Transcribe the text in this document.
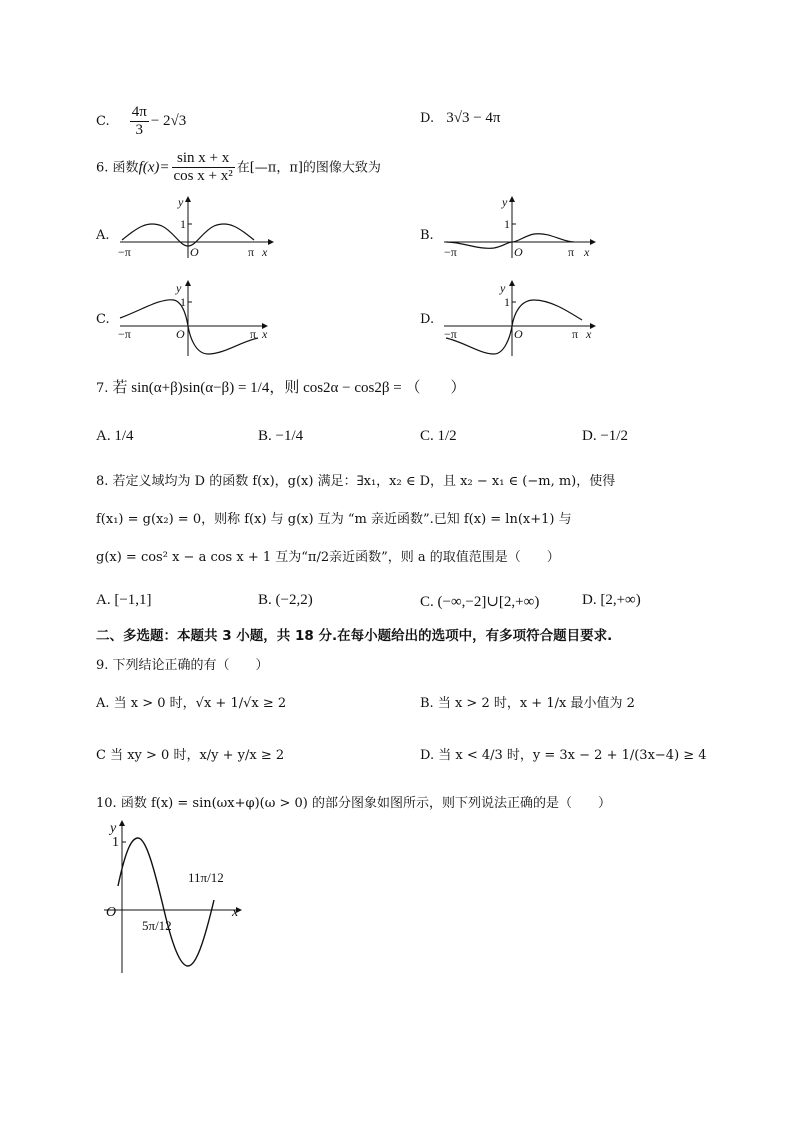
C. $\frac{4\pi}{3} - 2√3$	D. 3√3 − 4π
6. 函数$f(x)= \frac{\text{sin x + x}}{\text{cos x + x²}}$ 在[—π，π]的图像大致为
A.
y
1
O
−π	π x
B.
y
1
O
−π	π x
C.
y
1
O
−π	π x
D.
y
1
O
−π	π x
7. 若 sin(α+β)sin(α−β) = 1/4，则 cos2α − cos2β = （　　）
A. 1/4	B. −1/4	C. 1/2	D. −1/2
8. 若定义域均为 D 的函数 f(x)，g(x) 满足：∃x₁，x₂ ∈ D，且 x₂ − x₁ ∈ (−m, m)，使得
f(x₁) = g(x₂) = 0，则称 f(x) 与 g(x) 互为 “m 亲近函数”.已知 f(x) = ln(x+1) 与
g(x) = cos² x − a cos x + 1 互为“π/2亲近函数”，则 a 的取值范围是（　　）
A. [−1,1]	B. (−2,2)	C. (−∞,−2]∪[2,+∞)	D. [2,+∞)
二、多选题：本题共 3 小题，共 18 分.在每小题给出的选项中，有多项符合题目要求.
9. 下列结论正确的有（　　）
A. 当 x > 0 时，√x + 1/√x ≥ 2	B. 当 x > 2 时，x + 1/x 最小值为 2
C 当 xy > 0 时，x/y + y/x ≥ 2	D. 当 x < 4/3 时，y = 3x − 2 + 1/(3x−4) ≥ 4
10. 函数 f(x) = sin(ωx+φ)(ω > 0) 的部分图象如图所示，则下列说法正确的是（　　）
y
1
O	x
5π/12
11π/12
